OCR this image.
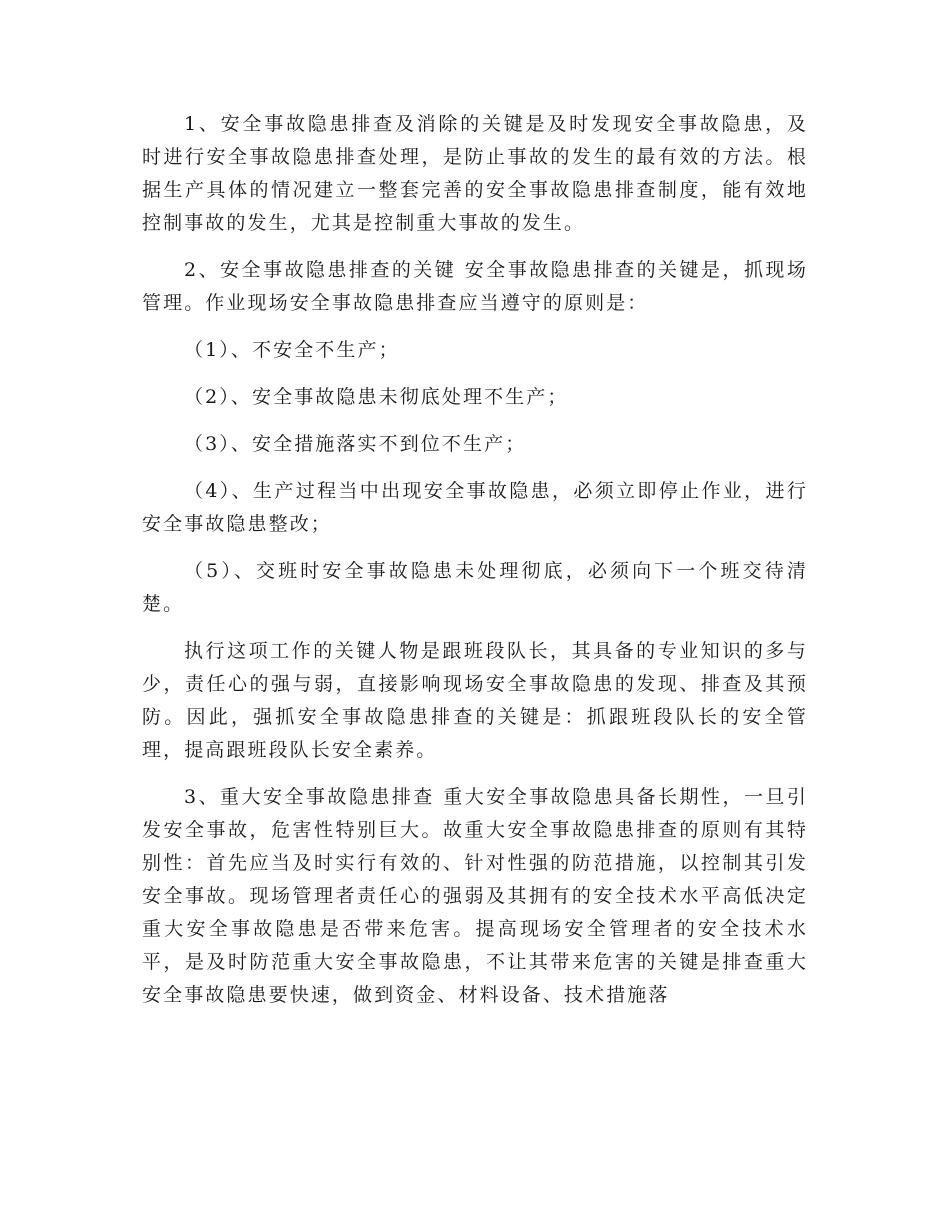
1、安全事故隐患排查及消除的关键是及时发现安全事故隐患，及时进行安全事故隐患排查处理，是防止事故的发生的最有效的方法。根据生产具体的情况建立一整套完善的安全事故隐患排查制度，能有效地控制事故的发生，尤其是控制重大事故的发生。

2、安全事故隐患排查的关键 安全事故隐患排查的关键是，抓现场管理。作业现场安全事故隐患排查应当遵守的原则是：

（1）、不安全不生产；

（2）、安全事故隐患未彻底处理不生产；

（3）、安全措施落实不到位不生产；

（4）、生产过程当中出现安全事故隐患，必须立即停止作业，进行安全事故隐患整改；

（5）、交班时安全事故隐患未处理彻底，必须向下一个班交待清楚。

执行这项工作的关键人物是跟班段队长，其具备的专业知识的多与少，责任心的强与弱，直接影响现场安全事故隐患的发现、排查及其预防。因此，强抓安全事故隐患排查的关键是：抓跟班段队长的安全管理，提高跟班段队长安全素养。

3、重大安全事故隐患排查 重大安全事故隐患具备长期性，一旦引发安全事故，危害性特别巨大。故重大安全事故隐患排查的原则有其特别性：首先应当及时实行有效的、针对性强的防范措施，以控制其引发安全事故。现场管理者责任心的强弱及其拥有的安全技术水平高低决定重大安全事故隐患是否带来危害。提高现场安全管理者的安全技术水平，是及时防范重大安全事故隐患，不让其带来危害的关键是排查重大安全事故隐患要快速，做到资金、材料设备、技术措施落
